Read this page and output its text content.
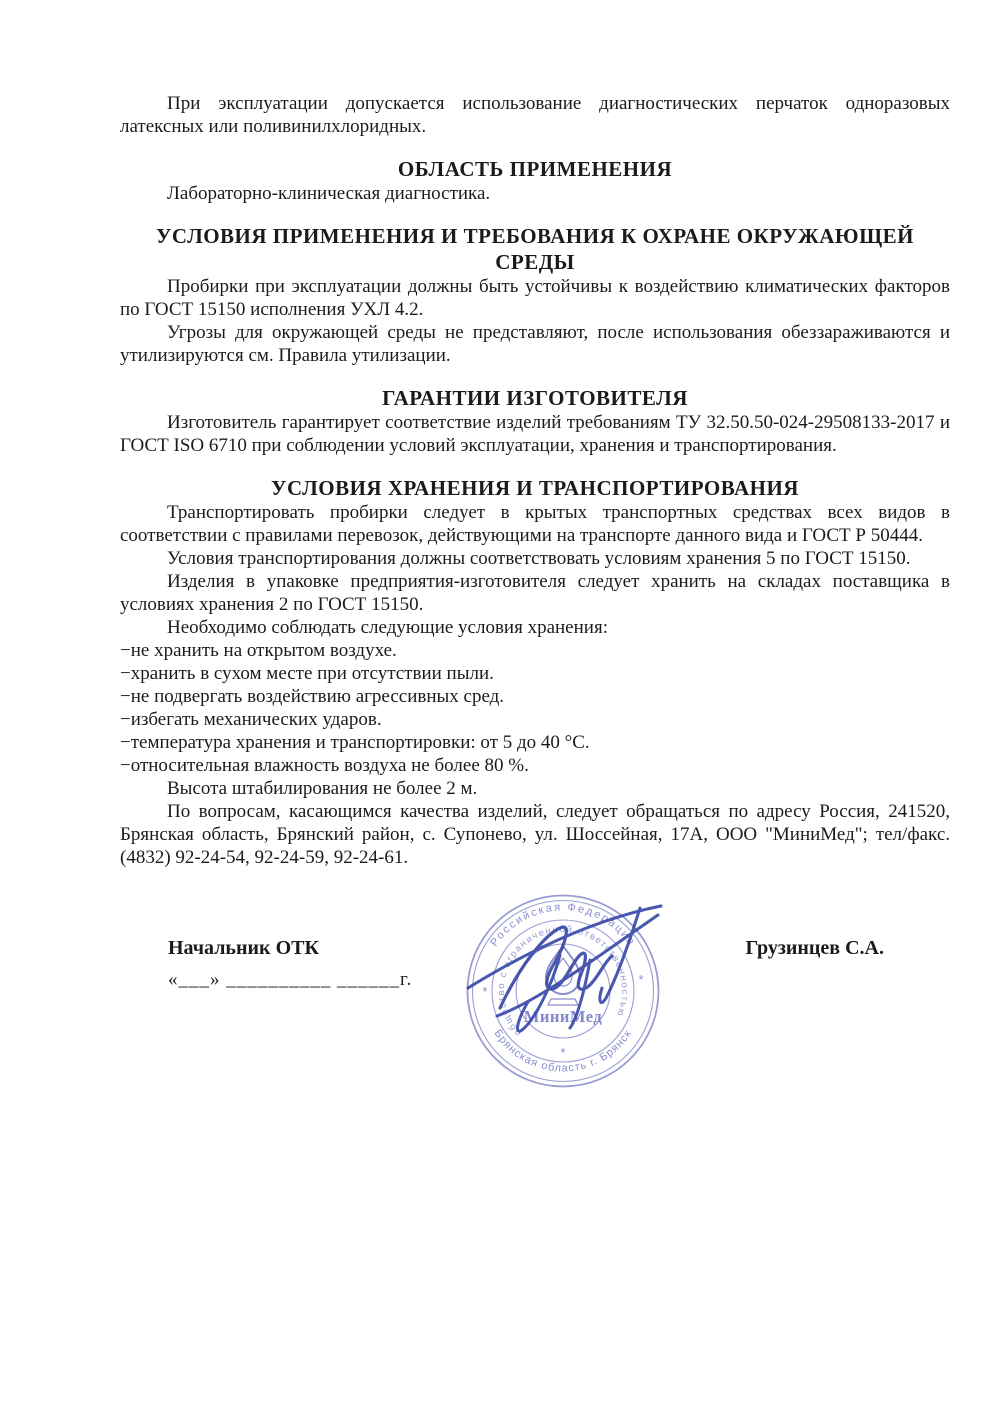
При эксплуатации допускается использование диагностических перчаток одноразовых латексных или поливинилхлоридных.

ОБЛАСТЬ ПРИМЕНЕНИЯ

Лабораторно-клиническая диагностика.

УСЛОВИЯ ПРИМЕНЕНИЯ И ТРЕБОВАНИЯ К ОХРАНЕ ОКРУЖАЮЩЕЙ СРЕДЫ

Пробирки при эксплуатации должны быть устойчивы к воздействию климатических факторов по ГОСТ 15150 исполнения УХЛ 4.2.

Угрозы для окружающей среды не представляют, после использования обеззараживаются и утилизируются см. Правила утилизации.

ГАРАНТИИ ИЗГОТОВИТЕЛЯ

Изготовитель гарантирует соответствие изделий требованиям ТУ 32.50.50-024-29508133-2017 и ГОСТ ISO 6710 при соблюдении условий эксплуатации, хранения и транспортирования.

УСЛОВИЯ ХРАНЕНИЯ И ТРАНСПОРТИРОВАНИЯ

Транспортировать пробирки следует в крытых транспортных средствах всех видов в соответствии с правилами перевозок, действующими на транспорте данного вида и ГОСТ Р 50444.

Условия транспортирования должны соответствовать условиям хранения 5 по ГОСТ 15150.

Изделия в упаковке предприятия-изготовителя следует хранить на складах поставщика в условиях хранения 2 по ГОСТ 15150.

Необходимо соблюдать следующие условия хранения:

−не хранить на открытом воздухе.
−хранить в сухом месте при отсутствии пыли.
−не подвергать воздействию агрессивных сред.
−избегать механических ударов.
−температура хранения и транспортировки: от 5 до 40 °С.
−относительная влажность воздуха не более 80 %.

Высота штабилирования не более 2 м.

По вопросам, касающимся качества изделий, следует обращаться по адресу Россия, 241520, Брянская область, Брянский район, с. Супонево, ул. Шоссейная, 17А, ООО "МиниМед"; тел/факс. (4832) 92-24-54, 92-24-59, 92-24-61.

Начальник ОТК	Грузинцев С.А.
«___» __________ ______г.
Российская Федерация
Брянская область г. Брянск
общество с ограниченной ответственностью
*
*
*
МиниМед
